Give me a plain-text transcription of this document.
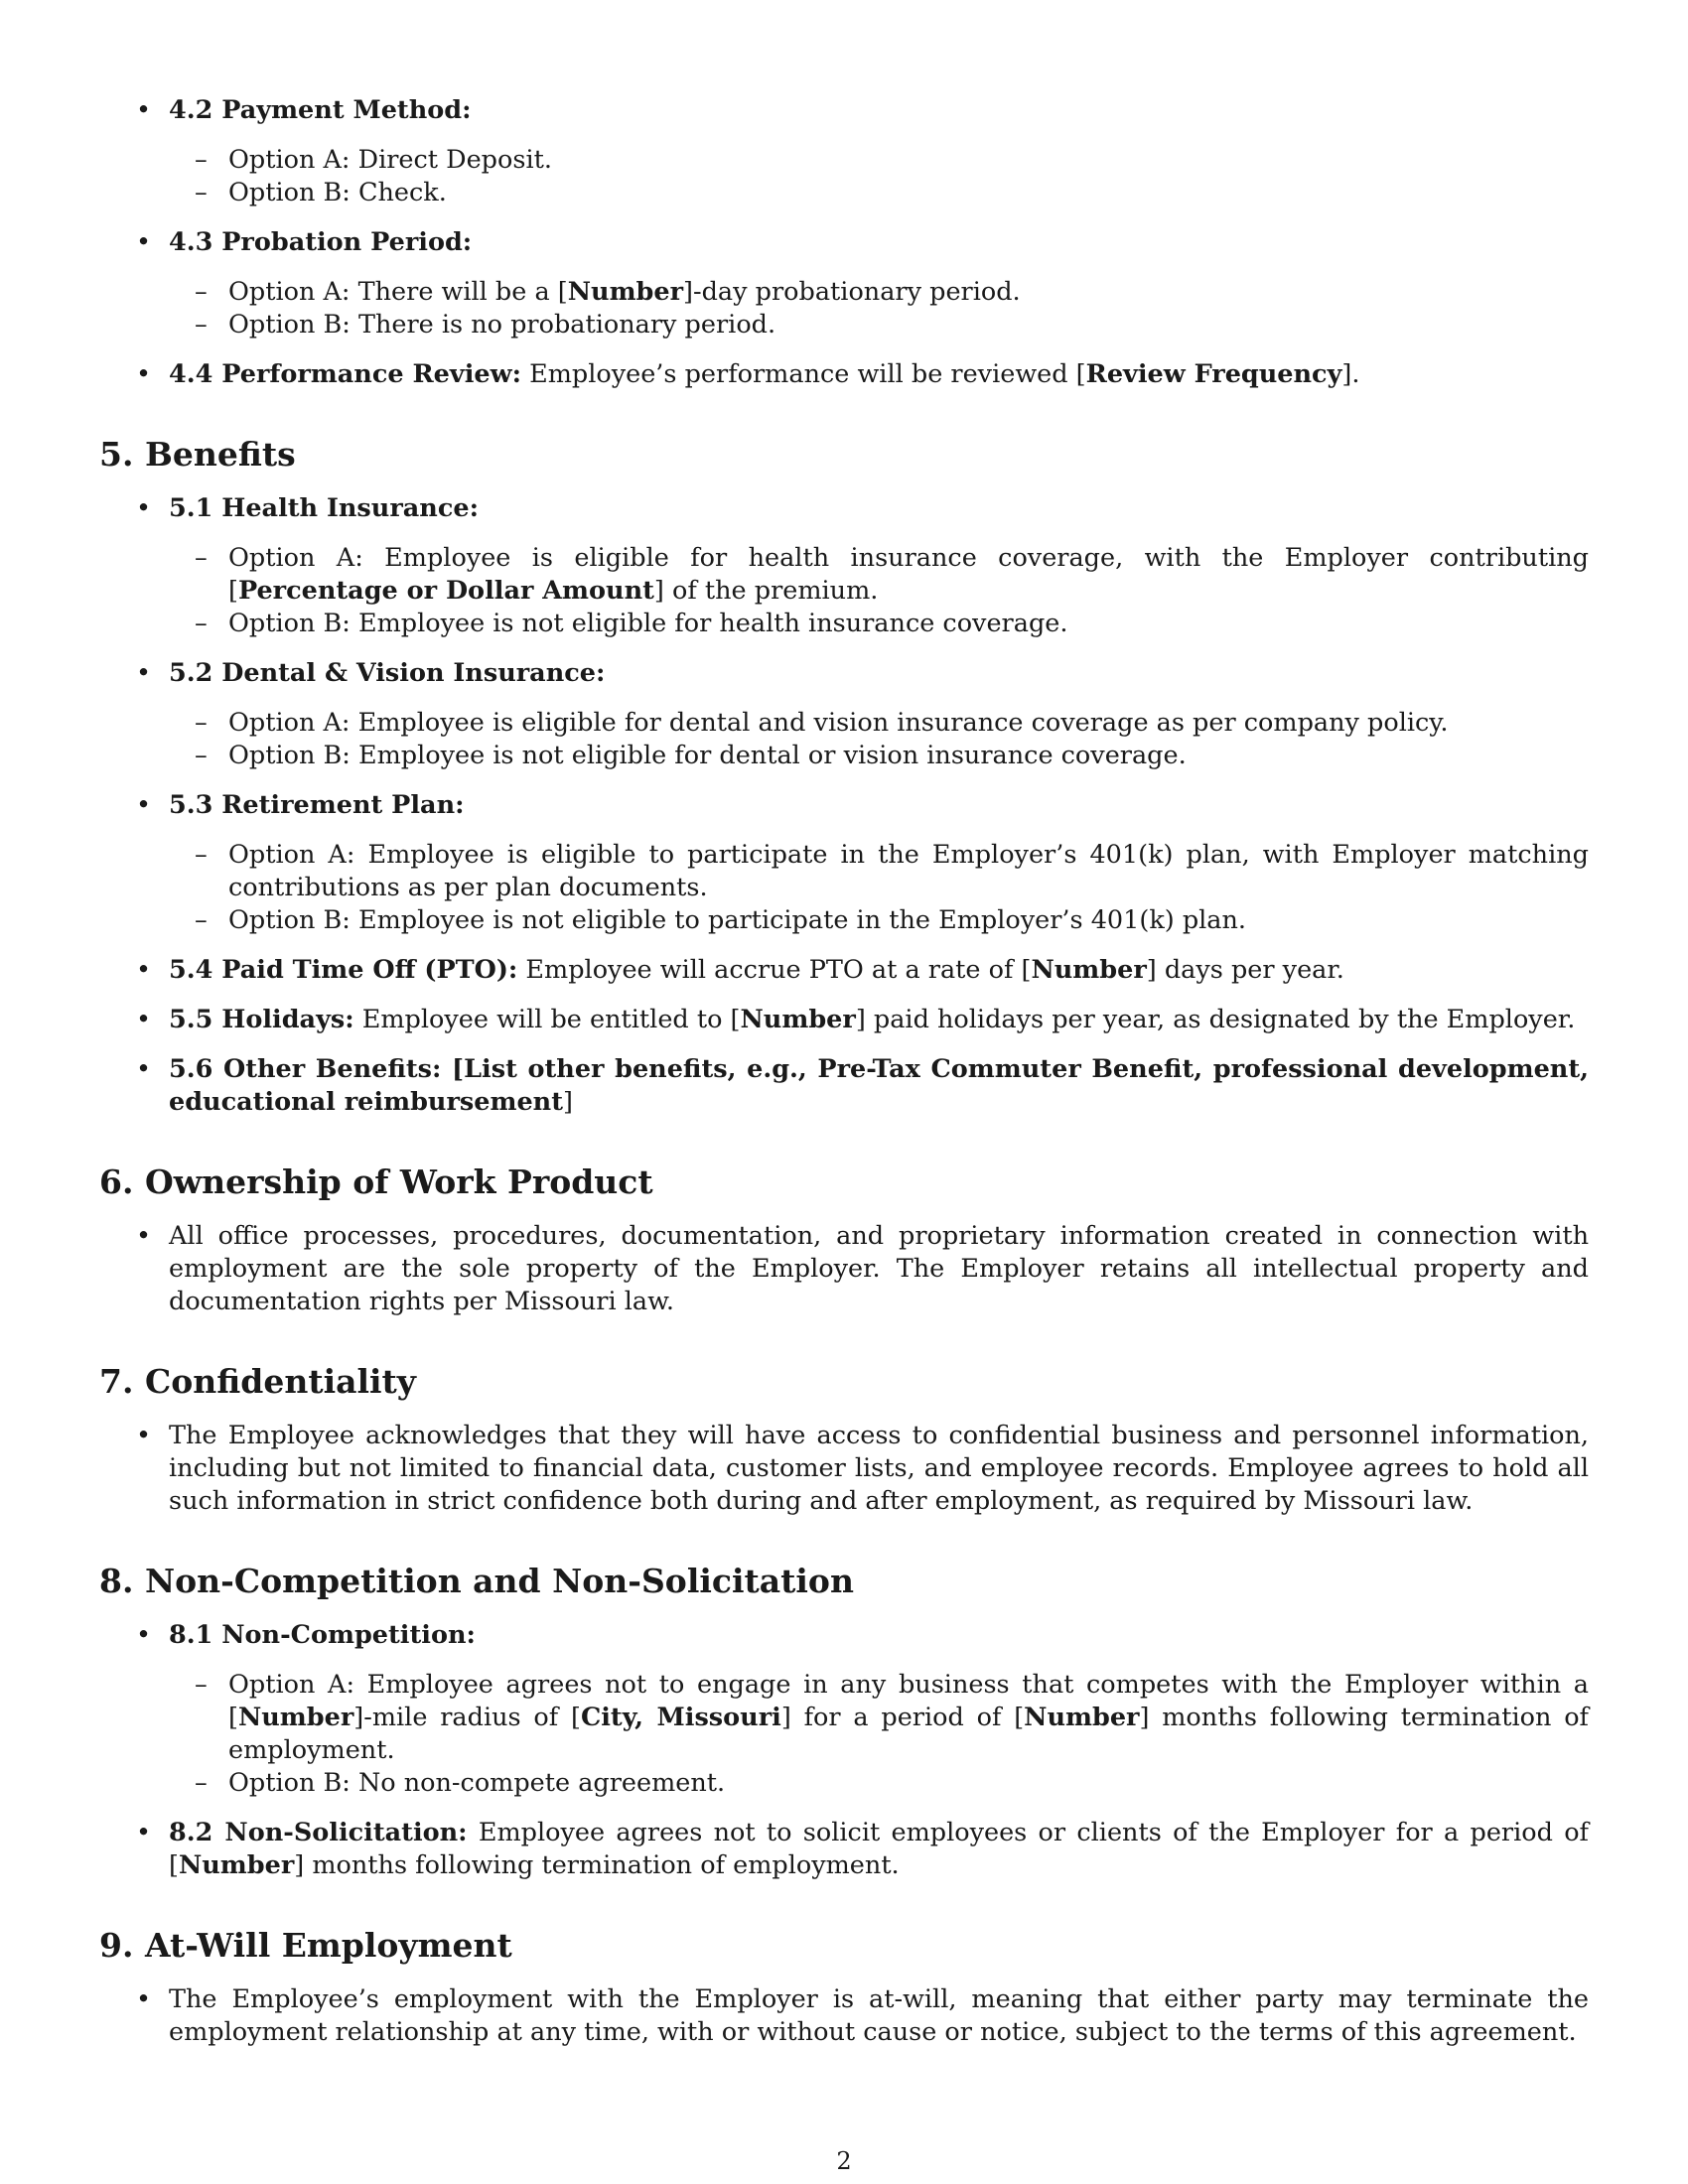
• 4.2 Payment Method:
– Option A: Direct Deposit.
– Option B: Check.
• 4.3 Probation Period:
– Option A: There will be a [Number]-day probationary period.
– Option B: There is no probationary period.
• 4.4 Performance Review: Employee’s performance will be reviewed [Review Frequency].
5. Benefits
• 5.1 Health Insurance:
– Option A: Employee is eligible for health insurance coverage, with the Employer contributing [Percentage or Dollar Amount] of the premium.
– Option B: Employee is not eligible for health insurance coverage.
• 5.2 Dental & Vision Insurance:
– Option A: Employee is eligible for dental and vision insurance coverage as per company policy.
– Option B: Employee is not eligible for dental or vision insurance coverage.
• 5.3 Retirement Plan:
– Option A: Employee is eligible to participate in the Employer’s 401(k) plan, with Employer matching contributions as per plan documents.
– Option B: Employee is not eligible to participate in the Employer’s 401(k) plan.
• 5.4 Paid Time Off (PTO): Employee will accrue PTO at a rate of [Number] days per year.
• 5.5 Holidays: Employee will be entitled to [Number] paid holidays per year, as designated by the Employer.
• 5.6 Other Benefits: [List other benefits, e.g., Pre-Tax Commuter Benefit, professional development, educational reimbursement]
6. Ownership of Work Product
• All office processes, procedures, documentation, and proprietary information created in connection with employment are the sole property of the Employer. The Employer retains all intellectual property and documentation rights per Missouri law.
7. Confidentiality
• The Employee acknowledges that they will have access to confidential business and personnel information, including but not limited to financial data, customer lists, and employee records. Employee agrees to hold all such information in strict confidence both during and after employment, as required by Missouri law.
8. Non-Competition and Non-Solicitation
• 8.1 Non-Competition:
– Option A: Employee agrees not to engage in any business that competes with the Employer within a [Number]-mile radius of [City, Missouri] for a period of [Number] months following termination of employment.
– Option B: No non-compete agreement.
• 8.2 Non-Solicitation: Employee agrees not to solicit employees or clients of the Employer for a period of [Number] months following termination of employment.
9. At-Will Employment
• The Employee’s employment with the Employer is at-will, meaning that either party may terminate the employment relationship at any time, with or without cause or notice, subject to the terms of this agreement.
2
